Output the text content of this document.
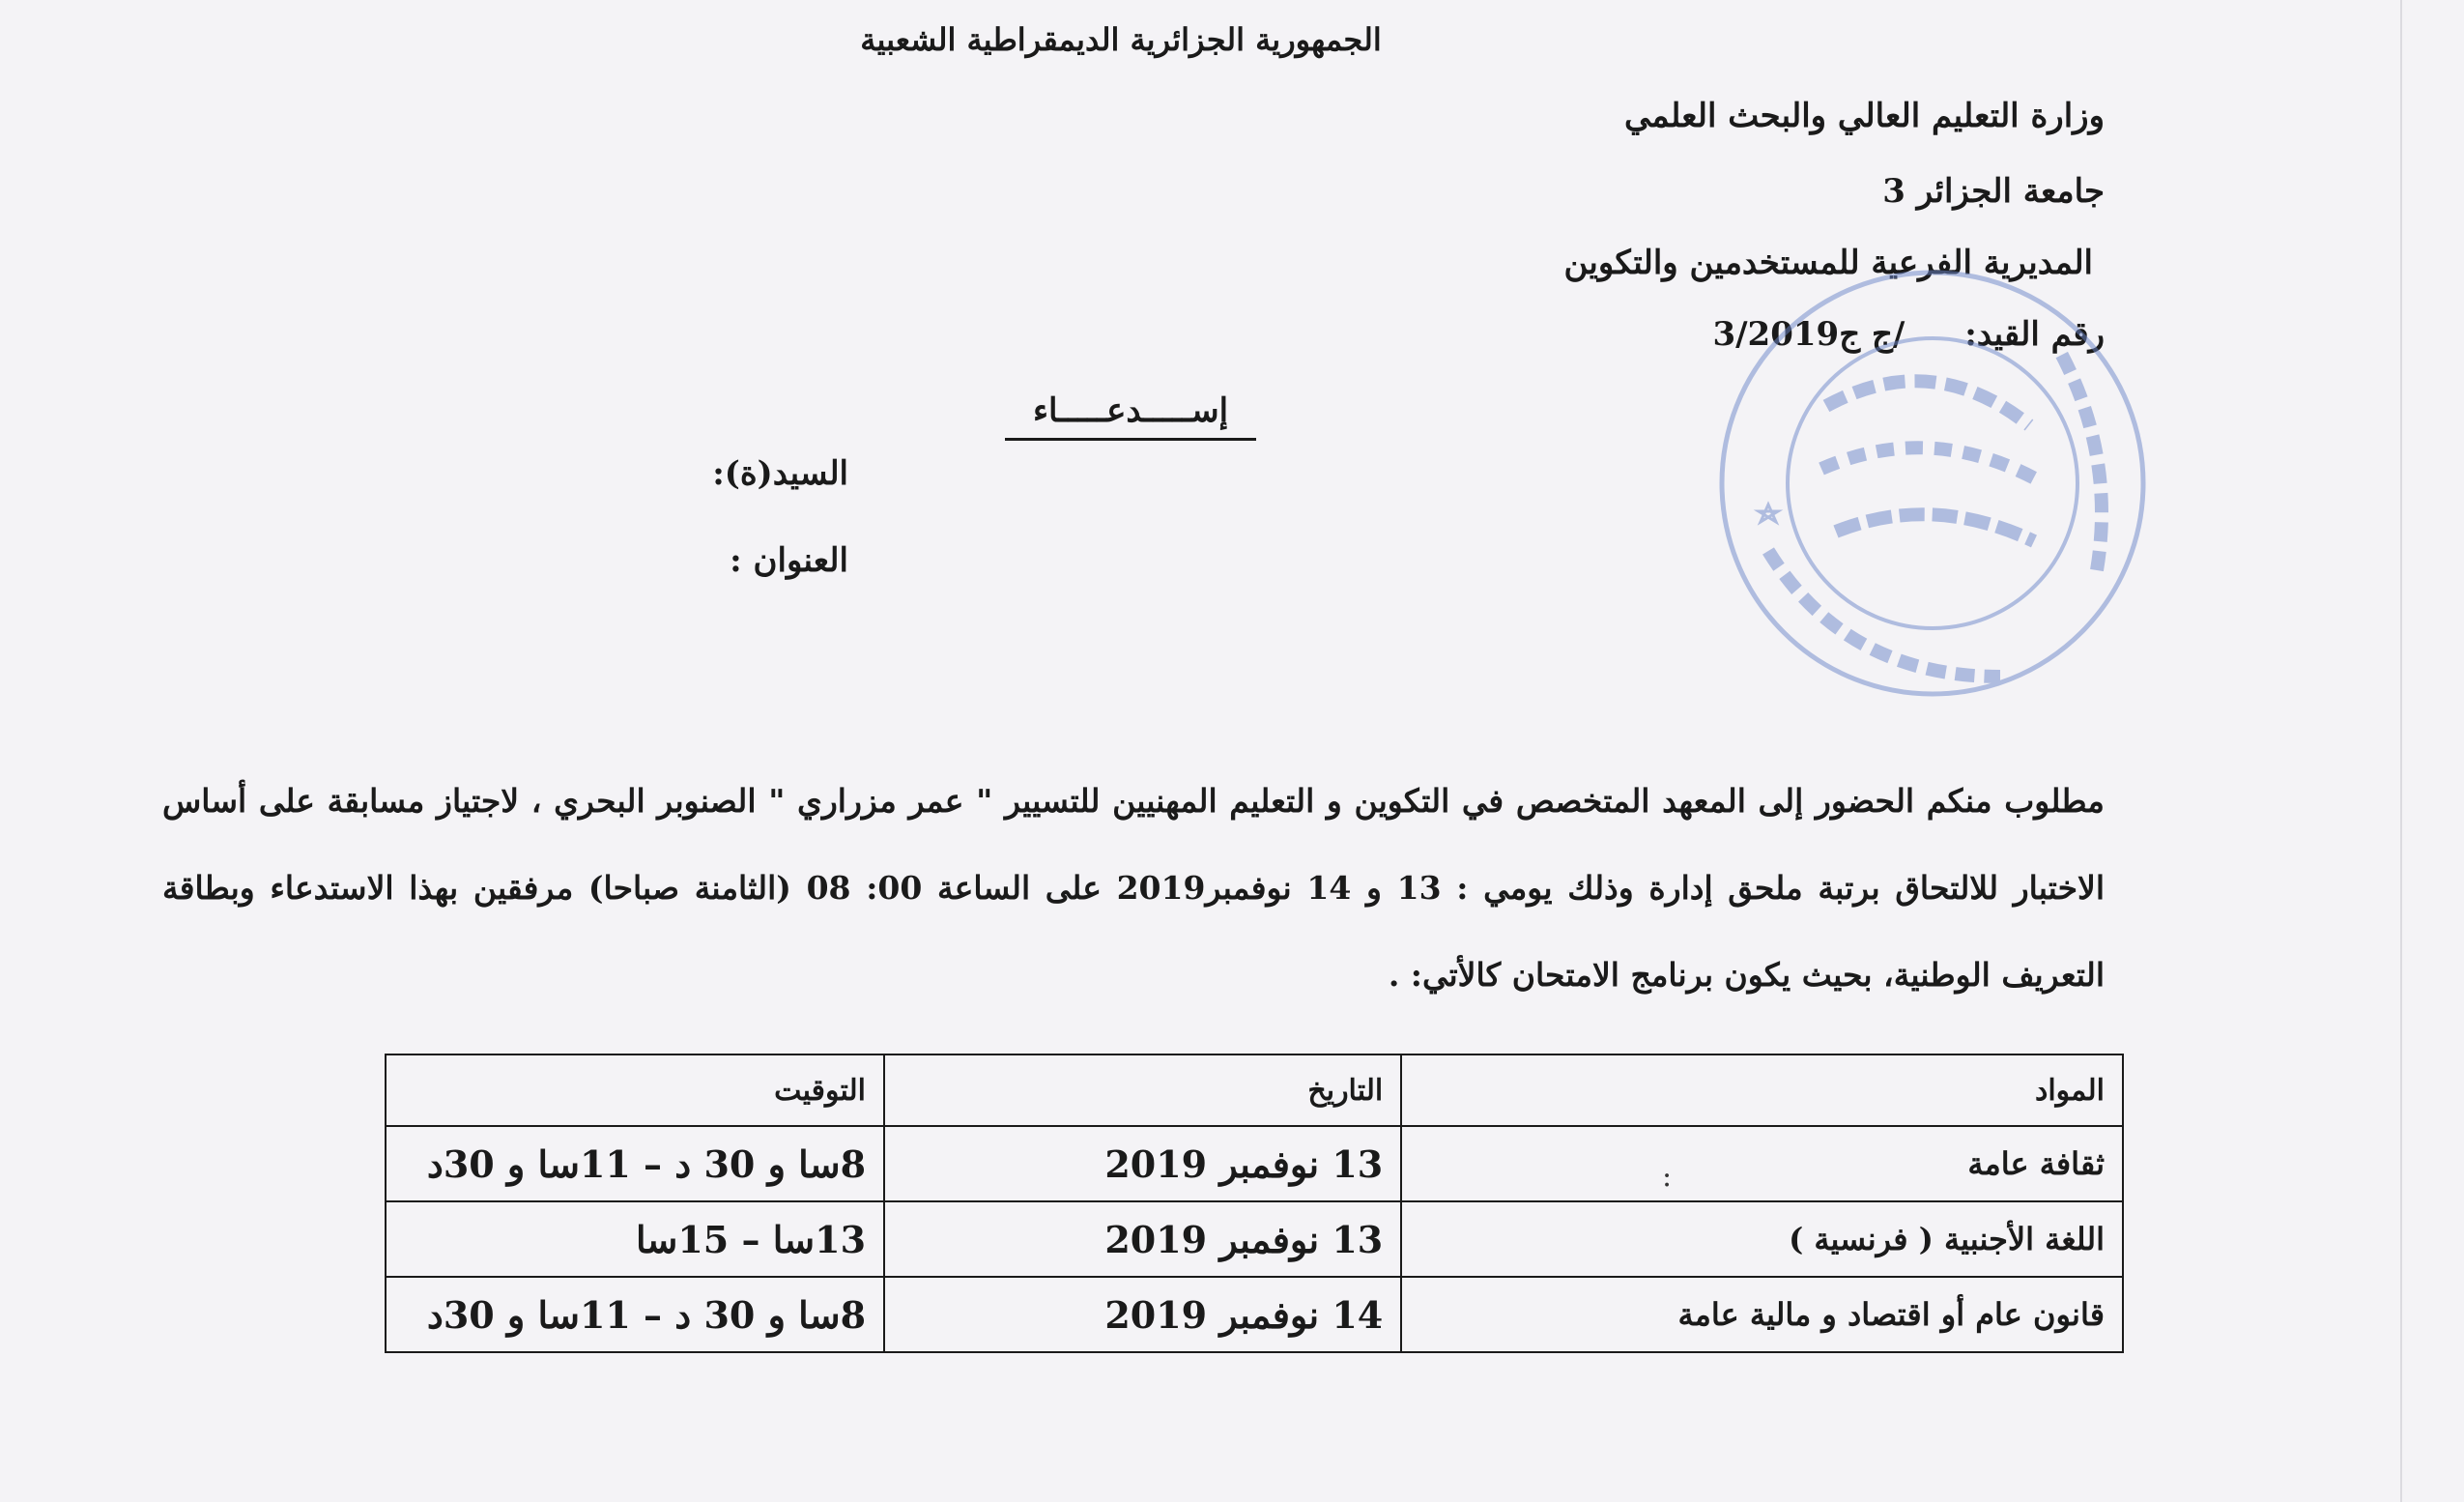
الجمهورية الجزائرية الديمقراطية الشعبية
وزارة التعليم العالي والبحث العلمي
جامعة الجزائر 3
المديرية الفرعية للمستخدمين والتكوين
رقم القيد: /ج ج3/2019
إســـــدعـــــاء
السيد(ة):
العنوان :
مطلوب منكم الحضور إلى المعهد المتخصص في التكوين و التعليم المهنيين للتسيير " عمر مزراري " الصنوبر البحري ، لاجتياز مسابقة على أساس
الاختبار للالتحاق برتبة ملحق إدارة وذلك يومي : 13 و 14 نوفمبر2019 على الساعة 00: 08 (الثامنة صباحا) مرفقين بهذا الاستدعاء وبطاقة
التعريف الوطنية، بحيث يكون برنامج الامتحان كالأتي: .
:
المواد	التاريخ	التوقيت
ثقافة عامة	13 نوفمبر 2019	8سا و 30 د – 11سا و 30د
اللغة الأجنبية ( فرنسية )	13 نوفمبر 2019	13سا – 15سا
قانون عام أو اقتصاد و مالية عامة	14 نوفمبر 2019	8سا و 30 د – 11سا و 30د
